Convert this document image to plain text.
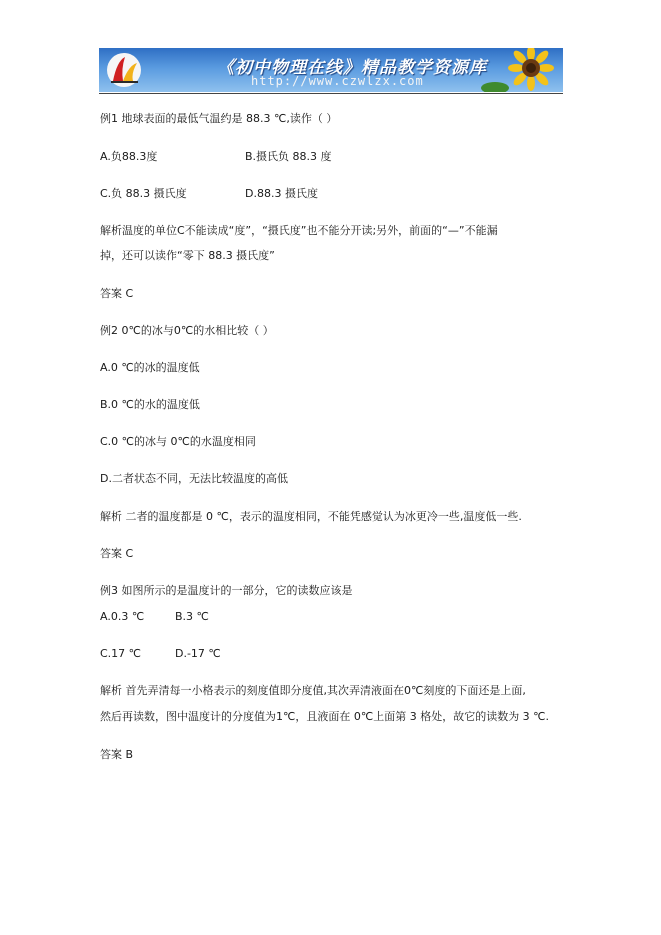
《初中物理在线》精品教学资源库
http://www.czwlzx.com
例1 地球表面的最低气温约是 88.3 ℃,读作（ ）
A.负88.3度	B.摄氏负 88.3 度
C.负 88.3 摄氏度	D.88.3 摄氏度
解析温度的单位C不能读成“度”，“摄氏度”也不能分开读;另外，前面的“—”不能漏
掉，还可以读作“零下 88.3 摄氏度”
答案 C
例2 0℃的冰与0℃的水相比较（ ）
A.0 ℃的冰的温度低
B.0 ℃的水的温度低
C.0 ℃的冰与 0℃的水温度相同
D.二者状态不同，无法比较温度的高低
解析 二者的温度都是 0 ℃，表示的温度相同，不能凭感觉认为冰更冷一些,温度低一些.
答案 C
例3 如图所示的是温度计的一部分，它的读数应该是
A.0.3 ℃	B.3 ℃
C.17 ℃	D.-17 ℃
解析 首先弄清每一小格表示的刻度值即分度值,其次弄清液面在0℃刻度的下面还是上面,
然后再读数，图中温度计的分度值为1℃，且液面在 0℃上面第 3 格处，故它的读数为 3 ℃.
答案 B
